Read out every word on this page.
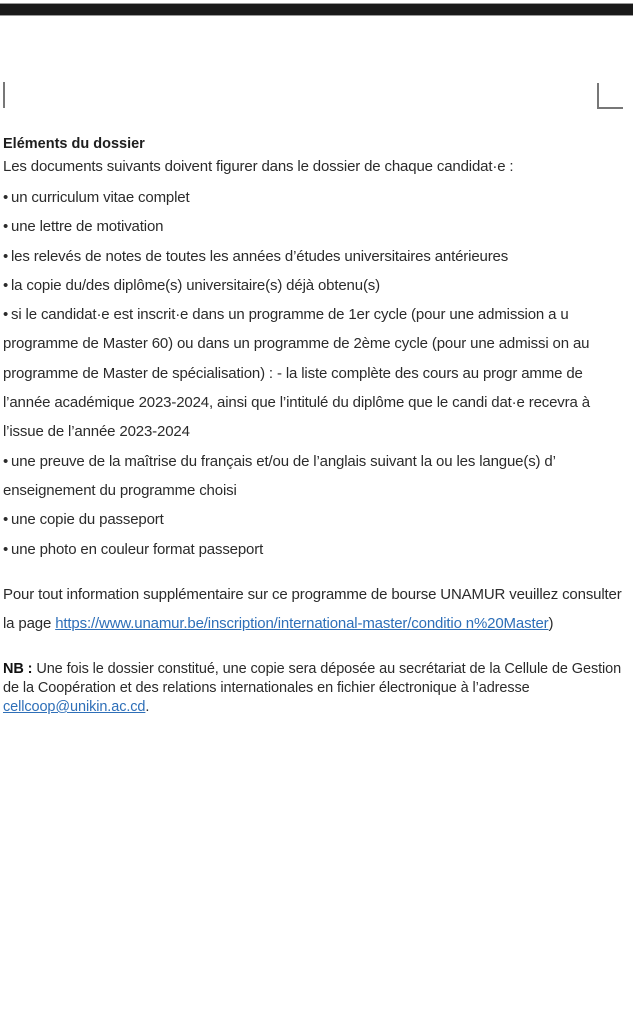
Eléments du dossier

Les documents suivants doivent figurer dans le dossier de chaque candidat·e :

• un curriculum vitae complet

• une lettre de motivation

• les relevés de notes de toutes les années d’études universitaires antérieures

• la copie du/des diplôme(s) universitaire(s) déjà obtenu(s)

• si le candidat·e est inscrit·e dans un programme de 1er cycle (pour une admission a u programme de Master 60) ou dans un programme de 2ème cycle (pour une admissi on au programme de Master de spécialisation) : - la liste complète des cours au progr amme de l’année académique 2023-2024, ainsi que l’intitulé du diplôme que le candi dat·e recevra à l’issue de l’année 2023-2024

• une preuve de la maîtrise du français et/ou de l’anglais suivant la ou les langue(s) d’ enseignement du programme choisi

• une copie du passeport

• une photo en couleur format passeport

Pour tout information supplémentaire sur ce programme de bourse UNAMUR veuillez consulter la page https://www.unamur.be/inscription/international-master/conditio n%20Master)

NB : Une fois le dossier constitué, une copie sera déposée au secrétariat de la Cellule de Gestion de la Coopération et des relations internationales en fichier électronique à l’adresse cellcoop@unikin.ac.cd.
